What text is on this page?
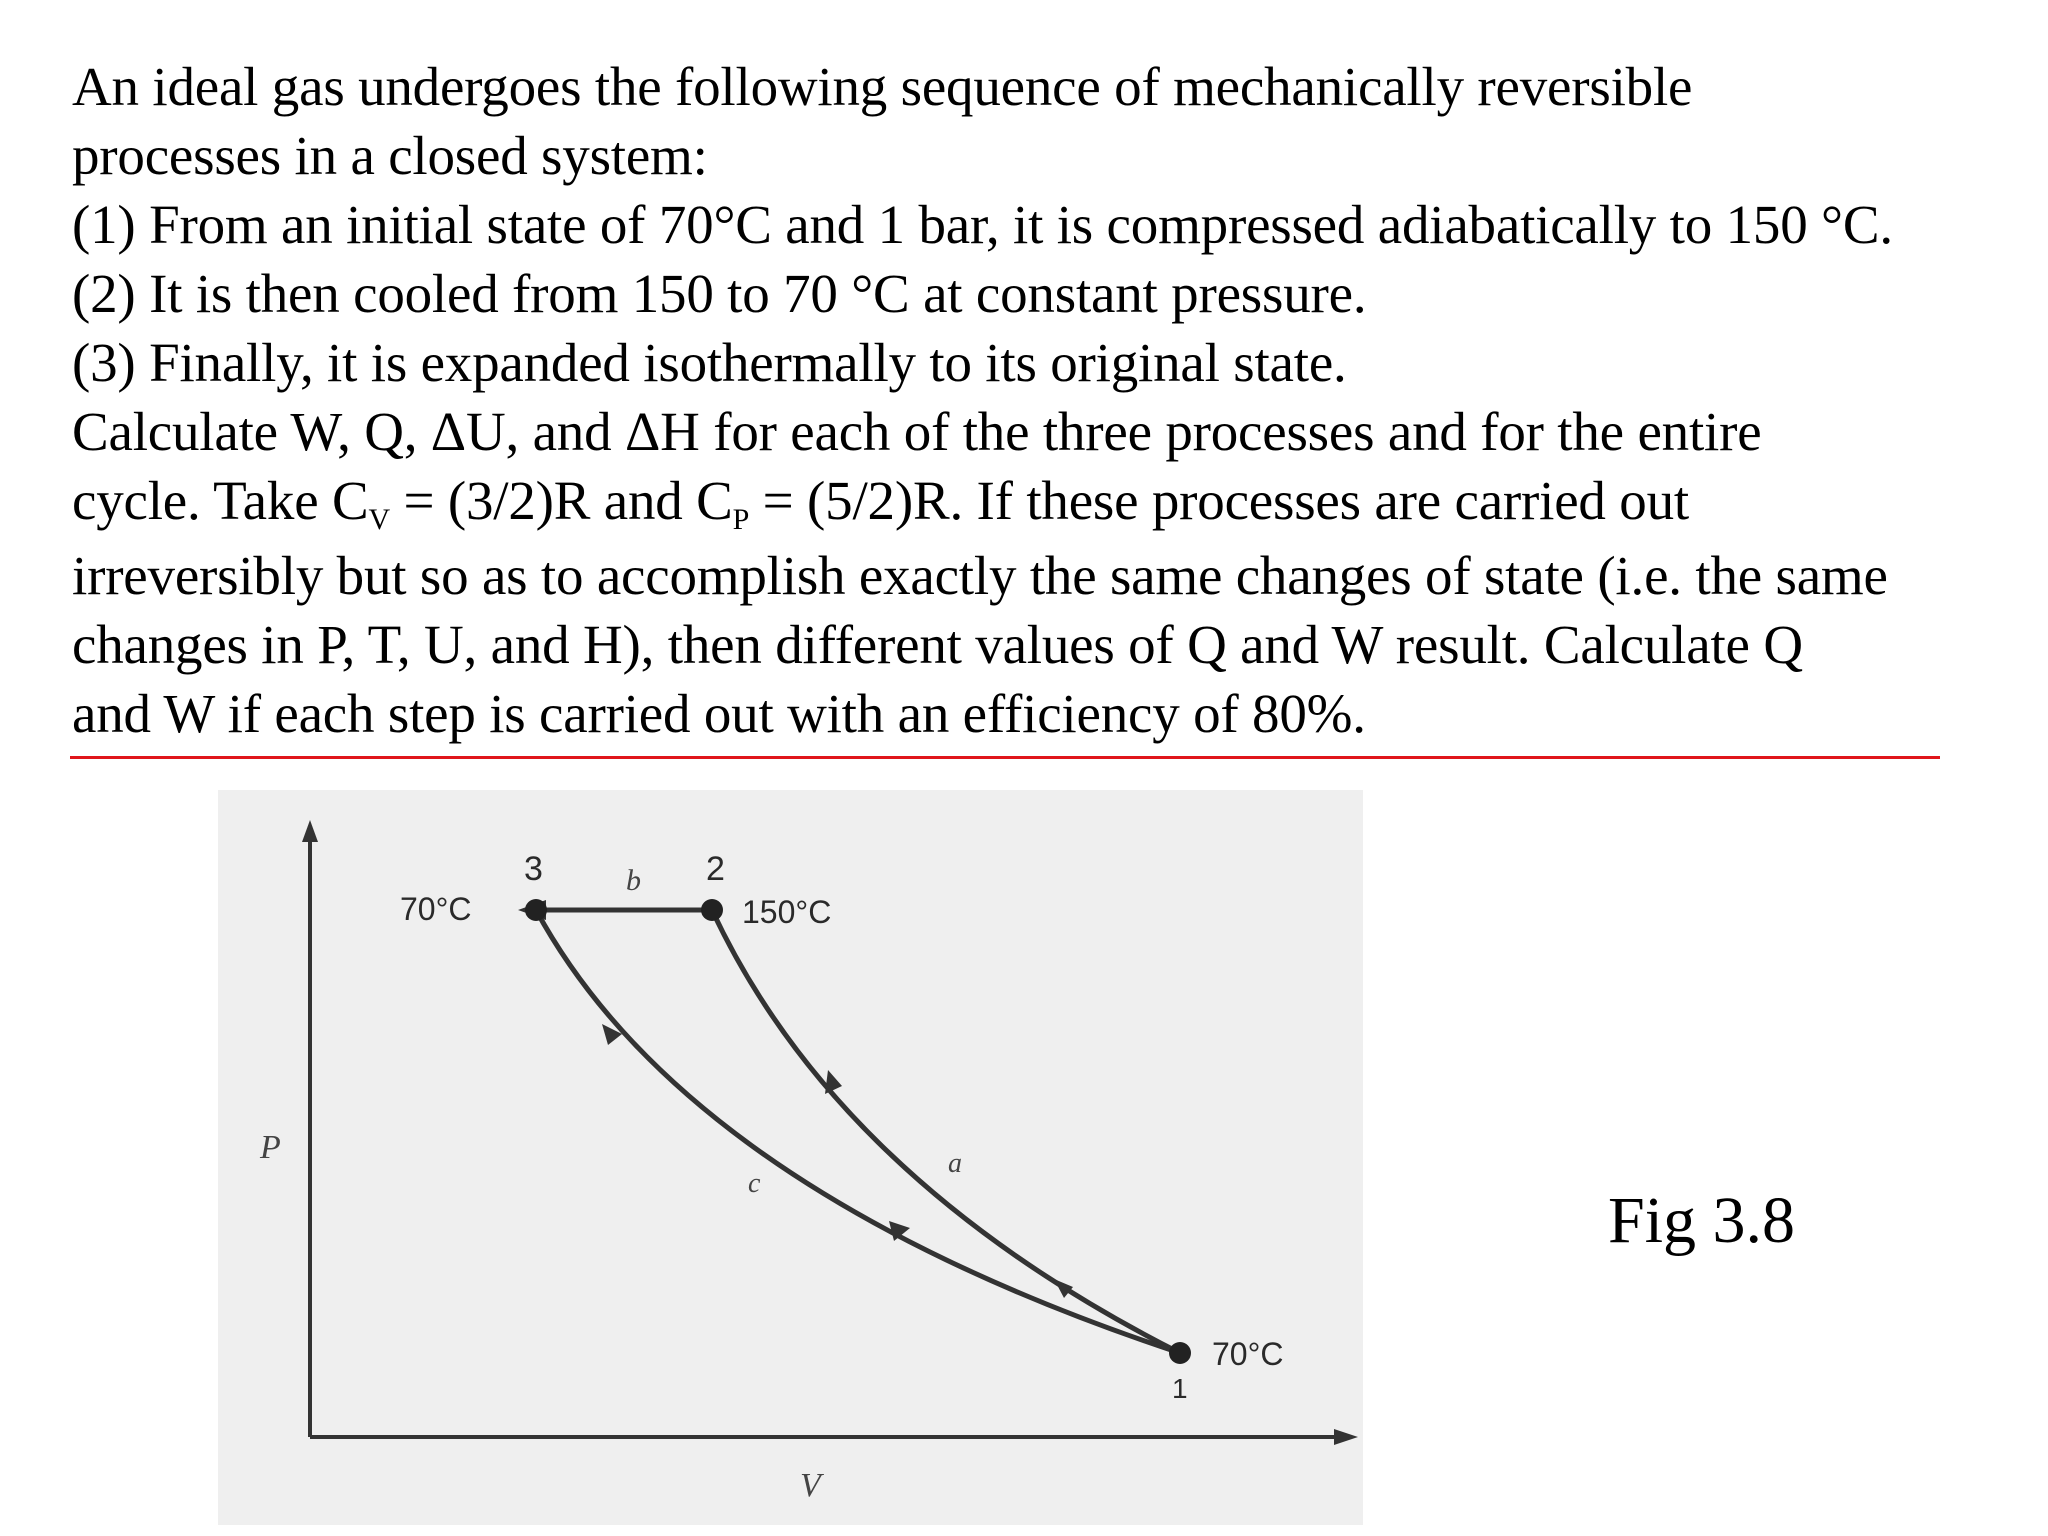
An ideal gas undergoes the following sequence of mechanically reversible
processes in a closed system:
(1) From an initial state of 70°C and 1 bar, it is compressed adiabatically to 150 °C.
(2) It is then cooled from 150 to 70 °C at constant pressure.
(3) Finally, it is expanded isothermally to its original state.
Calculate W, Q, ΔU, and ΔH for each of the three processes and for the entire
cycle. Take $C_V = (3/2)R$ and $C_P = (5/2)R$. If these processes are carried out
irreversibly but so as to accomplish exactly the same changes of state (i.e. the same
changes in P, T, U, and H), then different values of Q and W result. Calculate Q
and W if each step is carried out with an efficiency of 80%.
3	2
1
70°C	150°C
70°C
b
a
c
P
V
Fig 3.8
